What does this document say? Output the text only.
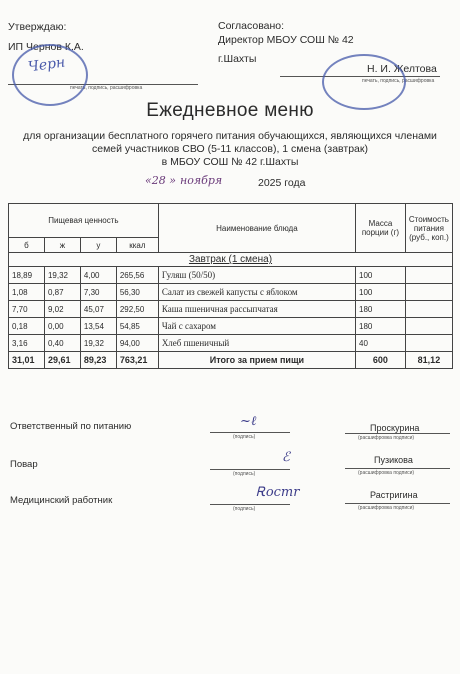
Утверждаю:
ИП Чернов К.А.
печать, подпись, расшифровка
Черн
Согласовано:
Директор МБОУ СОШ № 42
г.Шахты
Н. И. Желтова
печать, подпись, расшифровка
Ежедневное меню
для организации бесплатного горячего питания обучающихся, являющихся членами
семей участников СВО (5-11 классов), 1 смена (завтрак)
в МБОУ СОШ № 42 г.Шахты
«28 » ноября	2025 года
Пищевая ценность				Наименование блюда	Масса порции (г)	Стоимость питания (руб., коп.)
б	ж	у	ккал			
Завтрак (1 смена)						
18,89	19,32	4,00	265,56	Гуляш (50/50)	100	
1,08	0,87	7,30	56,30	Салат из свежей капусты с яблоком	100	
7,70	9,02	45,07	292,50	Каша пшеничная рассыпчатая	180	
0,18	0,00	13,54	54,85	Чай с сахаром	180	
3,16	0,40	19,32	94,00	Хлеб пшеничный	40	
31,01	29,61	89,23	763,21	Итого за прием пищи	600	81,12
Ответственный по питанию
(подпись)
~ℓ	Проскурина
(расшифровка подписи)
Повар
(подпись)
ℰ	Пузикова
(расшифровка подписи)
Медицинский работник
(подпись)
Ꭱocmr	Растригина
(расшифровка подписи)
